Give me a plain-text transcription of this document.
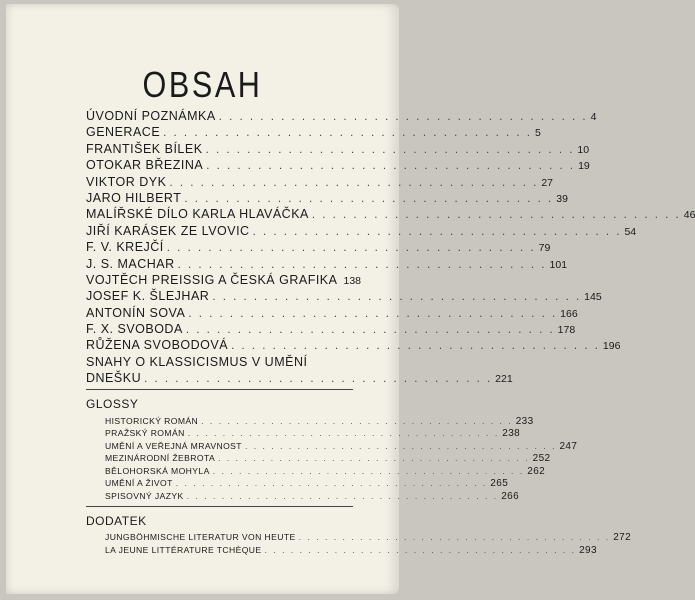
OBSAH
ÚVODNÍ POZNÁMKA . . . . . . . . . . . . . . . . . . . . . . . . . . . . . . . . . . . . 4
GENERACE . . . . . . . . . . . . . . . . . . . . . . . . . . . . . . . . . . . . 5
FRANTIŠEK BÍLEK . . . . . . . . . . . . . . . . . . . . . . . . . . . . . . . . . . . . 10
OTOKAR BŘEZINA . . . . . . . . . . . . . . . . . . . . . . . . . . . . . . . . . . . . 19
VIKTOR DYK . . . . . . . . . . . . . . . . . . . . . . . . . . . . . . . . . . . . 27
JARO HILBERT . . . . . . . . . . . . . . . . . . . . . . . . . . . . . . . . . . . . 39
MALÍŘSKÉ DÍLO KARLA HLAVÁČKA . . . . . . . . . . . . . . . . . . . . . . . . . . . . . . . . . . . . 46
JIŘÍ KARÁSEK ZE LVOVIC . . . . . . . . . . . . . . . . . . . . . . . . . . . . . . . . . . . . 54
F. V. KREJČÍ . . . . . . . . . . . . . . . . . . . . . . . . . . . . . . . . . . . . 79
J. S. MACHAR . . . . . . . . . . . . . . . . . . . . . . . . . . . . . . . . . . . . 101
VOJTĚCH PREISSIG A ČESKÁ GRAFIKA 138
JOSEF K. ŠLEJHAR . . . . . . . . . . . . . . . . . . . . . . . . . . . . . . . . . . . . 145
ANTONÍN SOVA . . . . . . . . . . . . . . . . . . . . . . . . . . . . . . . . . . . . 166
F. X. SVOBODA . . . . . . . . . . . . . . . . . . . . . . . . . . . . . . . . . . . . 178
RŮŽENA SVOBODOVÁ . . . . . . . . . . . . . . . . . . . . . . . . . . . . . . . . . . . . 196
SNAHY O KLASSICISMUS V UMĚNÍ
DNEŠKU . . . . . . . . . . . . . . . . . . . . . . . . . . . . . . . . . . 221
GLOSSY
HISTORICKÝ ROMÁN . . . . . . . . . . . . . . . . . . . . . . . . . . . . . . . . . . . . 233
PRAŽSKÝ ROMÁN . . . . . . . . . . . . . . . . . . . . . . . . . . . . . . . . . . . . 238
UMĚNÍ A VEŘEJNÁ MRAVNOST . . . . . . . . . . . . . . . . . . . . . . . . . . . . . . . . . . . . 247
MEZINÁRODNÍ ŽEBROTA . . . . . . . . . . . . . . . . . . . . . . . . . . . . . . . . . . . . 252
BĚLOHORSKÁ MOHYLA . . . . . . . . . . . . . . . . . . . . . . . . . . . . . . . . . . . . 262
UMĚNÍ A ŽIVOT . . . . . . . . . . . . . . . . . . . . . . . . . . . . . . . . . . . . 265
SPISOVNÝ JAZYK . . . . . . . . . . . . . . . . . . . . . . . . . . . . . . . . . . . . 266
DODATEK
JUNGBÖHMISCHE LITERATUR VON HEUTE . . . . . . . . . . . . . . . . . . . . . . . . . . . . . . . . . . . . 272
LA JEUNE LITTÉRATURE TCHÈQUE . . . . . . . . . . . . . . . . . . . . . . . . . . . . . . . . . . . . 293
